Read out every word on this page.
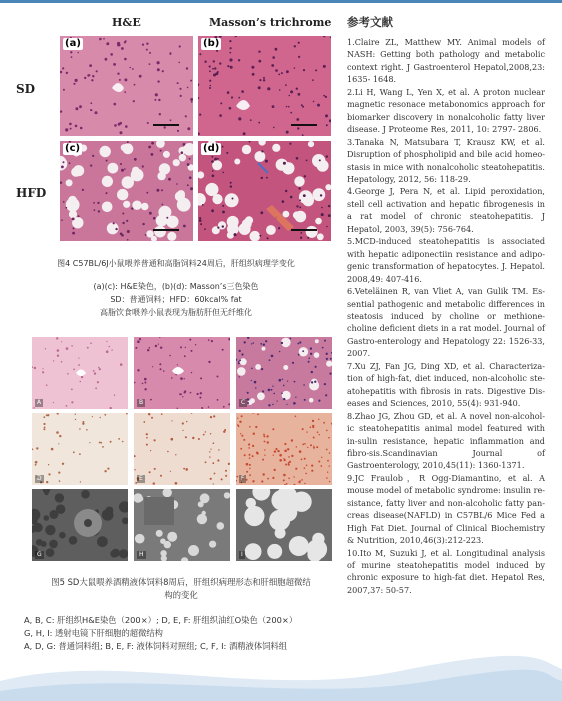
H&E	Masson’s trichrome
SD
HFD
(a)	(b)
(c)	(d)
图4 C57BL/6J小鼠喂养普通和高脂饲料24周后，肝组织病理学变化
(a)(c): H&E染色，(b)(d): Masson’s三色染色
SD：普通饲料；HFD：60kcal% fat
高脂饮食喂养小鼠表现为脂肪肝但无纤维化
A	B	C
D	E	F
G	H	I
图5 SD大鼠喂养酒精液体饲料8周后，肝组织病理形态和肝细胞超微结
构的变化
A, B, C: 肝组织H&E染色（200×）; D, E, F: 肝组织油红O染色（200×）
G, H, I: 透射电镜下肝细胞的超微结构
A, D, G: 普通饲料组; B, E, F: 液体饲料对照组; C, F, I: 酒精液体饲料组
参考文献

1.Claire ZL, Matthew MY. Animal models of NASH: Getting both pathology and metabolic context right. J Gastroenterol Hepatol,2008,23: 1635- 1648.

2.Li H, Wang L, Yen X, et al. A proton nuclear magnetic resonace metabonomics approach for biomarker discovery in nonalcoholic fatty liver disease. J Proteome Res, 2011, 10: 2797- 2806.

3.Tanaka N, Matsubara T, Krausz KW, et al. Disruption of phospholipid and bile acid homeo-stasis in mice with nonalcoholic steatohepatitis. Hepatology, 2012, 56: 118-29.

4.George J, Pera N, et al. Lipid peroxidation, stell cell activation and hepatic fibrogenesis in a rat model of chronic steatohepatitis. J Hepatol, 2003, 39(5): 756-764.

5.MCD-induced steatohepatitis is associated with hepatic adiponectiin resistance and adipo-genic transformation of hepatocytes. J. Hepatol. 2008,49: 407-416.

6.Veteläinen R, van Vliet A, van Gulik TM. Es-sential pathogenic and metabolic differences in steatosis induced by choline or methione-choline deficient diets in a rat model. Journal of Gastro-enterology and Hepatology 22: 1526-33, 2007.

7.Xu ZJ, Fan JG, Ding XD, et al. Characteriza-tion of high-fat, diet induced, non-alcoholic ste-atohepatitis with fibrosis in rats. Digestive Dis-eases and Sciences, 2010, 55(4): 931-940.

8.Zhao JG, Zhou GD, et al. A novel non-alcohol-ic steatohepatitis animal model featured with in-sulin resistance, hepatic inflammation and fibro-sis.Scandinavian Journal of Gastroenterology, 2010,45(11): 1360-1371.

9.JC Fraulob，R Ogg-Diamantino, et al. A mouse model of metabolic syndrome: insulin re-sistance, fatty liver and non-alcoholic fatty pan-creas disease(NAFLD) in C57BL/6 Mice Fed a High Fat Diet. Journal of Clinical Biochemistry & Nutrition, 2010,46(3):212-223.

10.Ito M, Suzuki J, et al. Longitudinal analysis of murine steatohepatitis model induced by chronic exposure to high-fat diet. Hepatol Res, 2007,37: 50-57.
